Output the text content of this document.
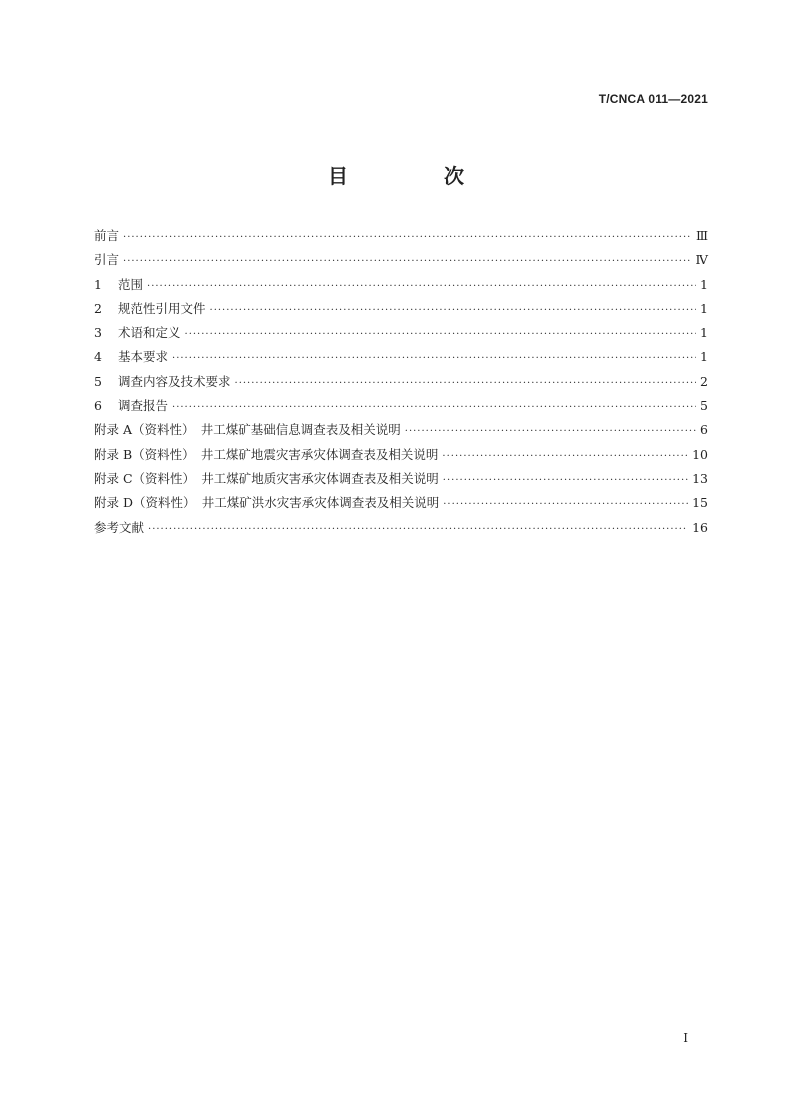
T/CNCA 011—2021
目　次
前言 ·····	Ⅲ
引言 ·····	Ⅳ
1	范围 ·····	1
2	规范性引用文件 ·····	1
3	术语和定义 ·····	1
4	基本要求 ·····	1
5	调查内容及技术要求 ·····	2
6	调查报告 ·····	5
附录 A（资料性）　井工煤矿基础信息调查表及相关说明 ·····	6
附录 B（资料性）　井工煤矿地震灾害承灾体调查表及相关说明 ·····	10
附录 C（资料性）　井工煤矿地质灾害承灾体调查表及相关说明 ·····	13
附录 D（资料性）　井工煤矿洪水灾害承灾体调查表及相关说明 ·····	15
参考文献 ·····	16
I
